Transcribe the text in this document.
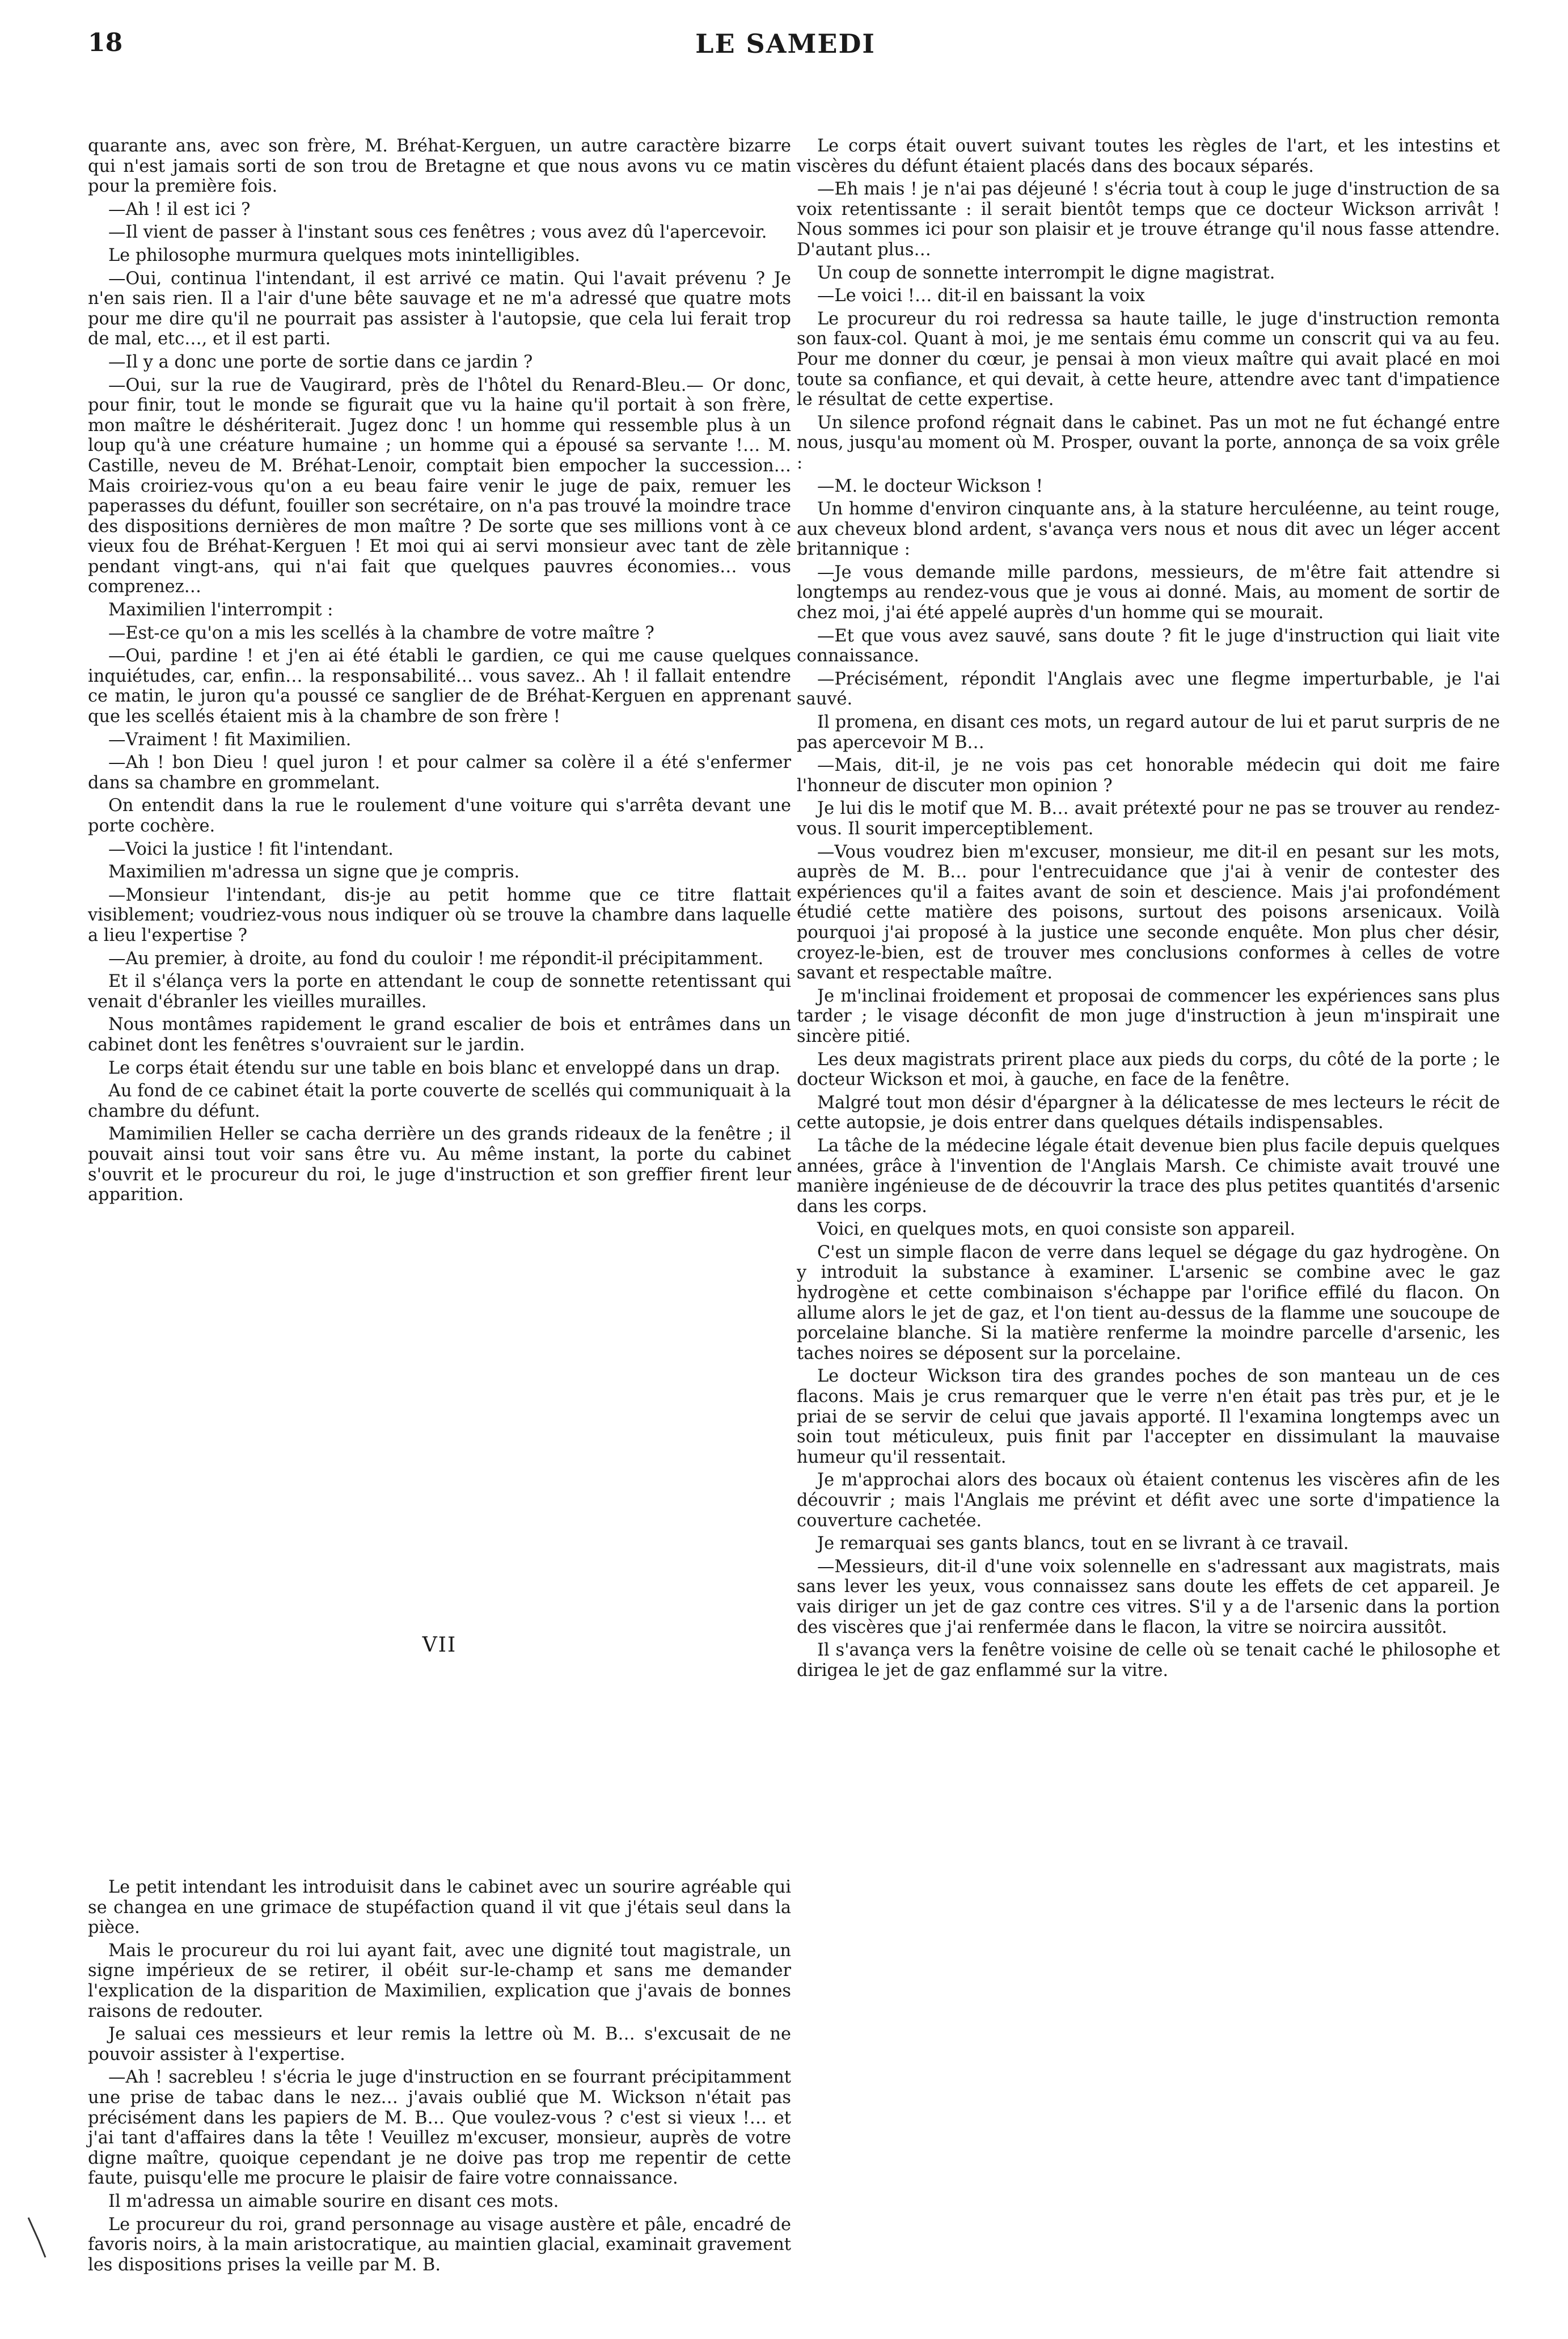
18	LE SAMEDI

quarante ans, avec son frère, M. Bréhat-Kerguen, un autre caractère bizarre qui n'est jamais sorti de son trou de Bretagne et que nous avons vu ce matin pour la première fois.

—Ah ! il est ici ?

—Il vient de passer à l'instant sous ces fenêtres ; vous avez dû l'apercevoir.

Le philosophe murmura quelques mots inintelligibles.

—Oui, continua l'intendant, il est arrivé ce matin. Qui l'avait prévenu ? Je n'en sais rien. Il a l'air d'une bête sauvage et ne m'a adressé que quatre mots pour me dire qu'il ne pourrait pas assister à l'autopsie, que cela lui ferait trop de mal, etc…, et il est parti.

—Il y a donc une porte de sortie dans ce jardin ?

—Oui, sur la rue de Vaugirard, près de l'hôtel du Renard-Bleu.— Or donc, pour finir, tout le monde se figurait que vu la haine qu'il portait à son frère, mon maître le déshériterait. Jugez donc ! un homme qui ressemble plus à un loup qu'à une créature humaine ; un homme qui a épousé sa servante !… M. Castille, neveu de M. Bréhat-Lenoir, comptait bien empocher la succession… Mais croiriez-vous qu'on a eu beau faire venir le juge de paix, remuer les paperasses du défunt, fouiller son secrétaire, on n'a pas trouvé la moindre trace des dispositions dernières de mon maître ? De sorte que ses millions vont à ce vieux fou de Bréhat-Kerguen ! Et moi qui ai servi monsieur avec tant de zèle pendant vingt-ans, qui n'ai fait que quelques pauvres économies… vous comprenez…

Maximilien l'interrompit :

—Est-ce qu'on a mis les scellés à la chambre de votre maître ?

—Oui, pardine ! et j'en ai été établi le gardien, ce qui me cause quelques inquiétudes, car, enfin… la responsabilité… vous savez.. Ah ! il fallait entendre ce matin, le juron qu'a poussé ce sanglier de de Bréhat-Kerguen en apprenant que les scellés étaient mis à la chambre de son frère !

—Vraiment ! fit Maximilien.

—Ah ! bon Dieu ! quel juron ! et pour calmer sa colère il a été s'enfermer dans sa chambre en grommelant.

On entendit dans la rue le roulement d'une voiture qui s'arrêta devant une porte cochère.

—Voici la justice ! fit l'intendant.

Maximilien m'adressa un signe que je compris.

—Monsieur l'intendant, dis-je au petit homme que ce titre flattait visiblement; voudriez-vous nous indiquer où se trouve la chambre dans laquelle a lieu l'expertise ?

—Au premier, à droite, au fond du couloir ! me répondit-il précipitamment.

Et il s'élança vers la porte en attendant le coup de sonnette retentissant qui venait d'ébranler les vieilles murailles.

Nous montâmes rapidement le grand escalier de bois et entrâmes dans un cabinet dont les fenêtres s'ouvraient sur le jardin.

Le corps était étendu sur une table en bois blanc et enveloppé dans un drap.

Au fond de ce cabinet était la porte couverte de scellés qui communiquait à la chambre du défunt.

Mamimilien Heller se cacha derrière un des grands rideaux de la fenêtre ; il pouvait ainsi tout voir sans être vu. Au même instant, la porte du cabinet s'ouvrit et le procureur du roi, le juge d'instruction et son greffier firent leur apparition.

VII

Le petit intendant les introduisit dans le cabinet avec un sourire agréable qui se changea en une grimace de stupéfaction quand il vit que j'étais seul dans la pièce.

Mais le procureur du roi lui ayant fait, avec une dignité tout magistrale, un signe impérieux de se retirer, il obéit sur-le-champ et sans me demander l'explication de la disparition de Maximilien, explication que j'avais de bonnes raisons de redouter.

Je saluai ces messieurs et leur remis la lettre où M. B… s'excusait de ne pouvoir assister à l'expertise.

—Ah ! sacrebleu ! s'écria le juge d'instruction en se fourrant précipitamment une prise de tabac dans le nez… j'avais oublié que M. Wickson n'était pas précisément dans les papiers de M. B… Que voulez-vous ? c'est si vieux !… et j'ai tant d'affaires dans la tête ! Veuillez m'excuser, monsieur, auprès de votre digne maître, quoique cependant je ne doive pas trop me repentir de cette faute, puisqu'elle me procure le plaisir de faire votre connaissance.

Il m'adressa un aimable sourire en disant ces mots.

Le procureur du roi, grand personnage au visage austère et pâle, encadré de favoris noirs, à la main aristocratique, au maintien glacial, examinait gravement les dispositions prises la veille par M. B.

Le corps était ouvert suivant toutes les règles de l'art, et les intestins et viscères du défunt étaient placés dans des bocaux séparés.

—Eh mais ! je n'ai pas déjeuné ! s'écria tout à coup le juge d'instruction de sa voix retentissante : il serait bientôt temps que ce docteur Wickson arrivât ! Nous sommes ici pour son plaisir et je trouve étrange qu'il nous fasse attendre. D'autant plus…

Un coup de sonnette interrompit le digne magistrat.

—Le voici !… dit-il en baissant la voix

Le procureur du roi redressa sa haute taille, le juge d'instruction remonta son faux-col. Quant à moi, je me sentais ému comme un conscrit qui va au feu. Pour me donner du cœur, je pensai à mon vieux maître qui avait placé en moi toute sa confiance, et qui devait, à cette heure, attendre avec tant d'impatience le résultat de cette expertise.

Un silence profond régnait dans le cabinet. Pas un mot ne fut échangé entre nous, jusqu'au moment où M. Prosper, ouvant la porte, annonça de sa voix grêle :

—M. le docteur Wickson !

Un homme d'environ cinquante ans, à la stature herculéenne, au teint rouge, aux cheveux blond ardent, s'avança vers nous et nous dit avec un léger accent britannique :

—Je vous demande mille pardons, messieurs, de m'être fait attendre si longtemps au rendez-vous que je vous ai donné. Mais, au moment de sortir de chez moi, j'ai été appelé auprès d'un homme qui se mourait.

—Et que vous avez sauvé, sans doute ? fit le juge d'instruction qui liait vite connaissance.

—Précisément, répondit l'Anglais avec une flegme imperturbable, je l'ai sauvé.

Il promena, en disant ces mots, un regard autour de lui et parut surpris de ne pas apercevoir M B…

—Mais, dit-il, je ne vois pas cet honorable médecin qui doit me faire l'honneur de discuter mon opinion ?

Je lui dis le motif que M. B… avait prétexté pour ne pas se trouver au rendez-vous. Il sourit imperceptiblement.

—Vous voudrez bien m'excuser, monsieur, me dit-il en pesant sur les mots, auprès de M. B… pour l'entrecuidance que j'ai à venir de contester des expériences qu'il a faites avant de soin et descience. Mais j'ai profondément étudié cette matière des poisons, surtout des poisons arsenicaux. Voilà pourquoi j'ai proposé à la justice une seconde enquête. Mon plus cher désir, croyez-le-bien, est de trouver mes conclusions conformes à celles de votre savant et respectable maître.

Je m'inclinai froidement et proposai de commencer les expériences sans plus tarder ; le visage déconfit de mon juge d'instruction à jeun m'inspirait une sincère pitié.

Les deux magistrats prirent place aux pieds du corps, du côté de la porte ; le docteur Wickson et moi, à gauche, en face de la fenêtre.

Malgré tout mon désir d'épargner à la délicatesse de mes lecteurs le récit de cette autopsie, je dois entrer dans quelques détails indispensables.

La tâche de la médecine légale était devenue bien plus facile depuis quelques années, grâce à l'invention de l'Anglais Marsh. Ce chimiste avait trouvé une manière ingénieuse de de découvrir la trace des plus petites quantités d'arsenic dans les corps.

Voici, en quelques mots, en quoi consiste son appareil.

C'est un simple flacon de verre dans lequel se dégage du gaz hydrogène. On y introduit la substance à examiner. L'arsenic se combine avec le gaz hydrogène et cette combinaison s'échappe par l'orifice effilé du flacon. On allume alors le jet de gaz, et l'on tient au-dessus de la flamme une soucoupe de porcelaine blanche. Si la matière renferme la moindre parcelle d'arsenic, les taches noires se déposent sur la porcelaine.

Le docteur Wickson tira des grandes poches de son manteau un de ces flacons. Mais je crus remarquer que le verre n'en était pas très pur, et je le priai de se servir de celui que javais apporté. Il l'examina longtemps avec un soin tout méticuleux, puis finit par l'accepter en dissimulant la mauvaise humeur qu'il ressentait.

Je m'approchai alors des bocaux où étaient contenus les viscères afin de les découvrir ; mais l'Anglais me prévint et défit avec une sorte d'impatience la couverture cachetée.

Je remarquai ses gants blancs, tout en se livrant à ce travail.

—Messieurs, dit-il d'une voix solennelle en s'adressant aux magistrats, mais sans lever les yeux, vous connaissez sans doute les effets de cet appareil. Je vais diriger un jet de gaz contre ces vitres. S'il y a de l'arsenic dans la portion des viscères que j'ai renfermée dans le flacon, la vitre se noircira aussitôt.

Il s'avança vers la fenêtre voisine de celle où se tenait caché le philosophe et dirigea le jet de gaz enflammé sur la vitre.
